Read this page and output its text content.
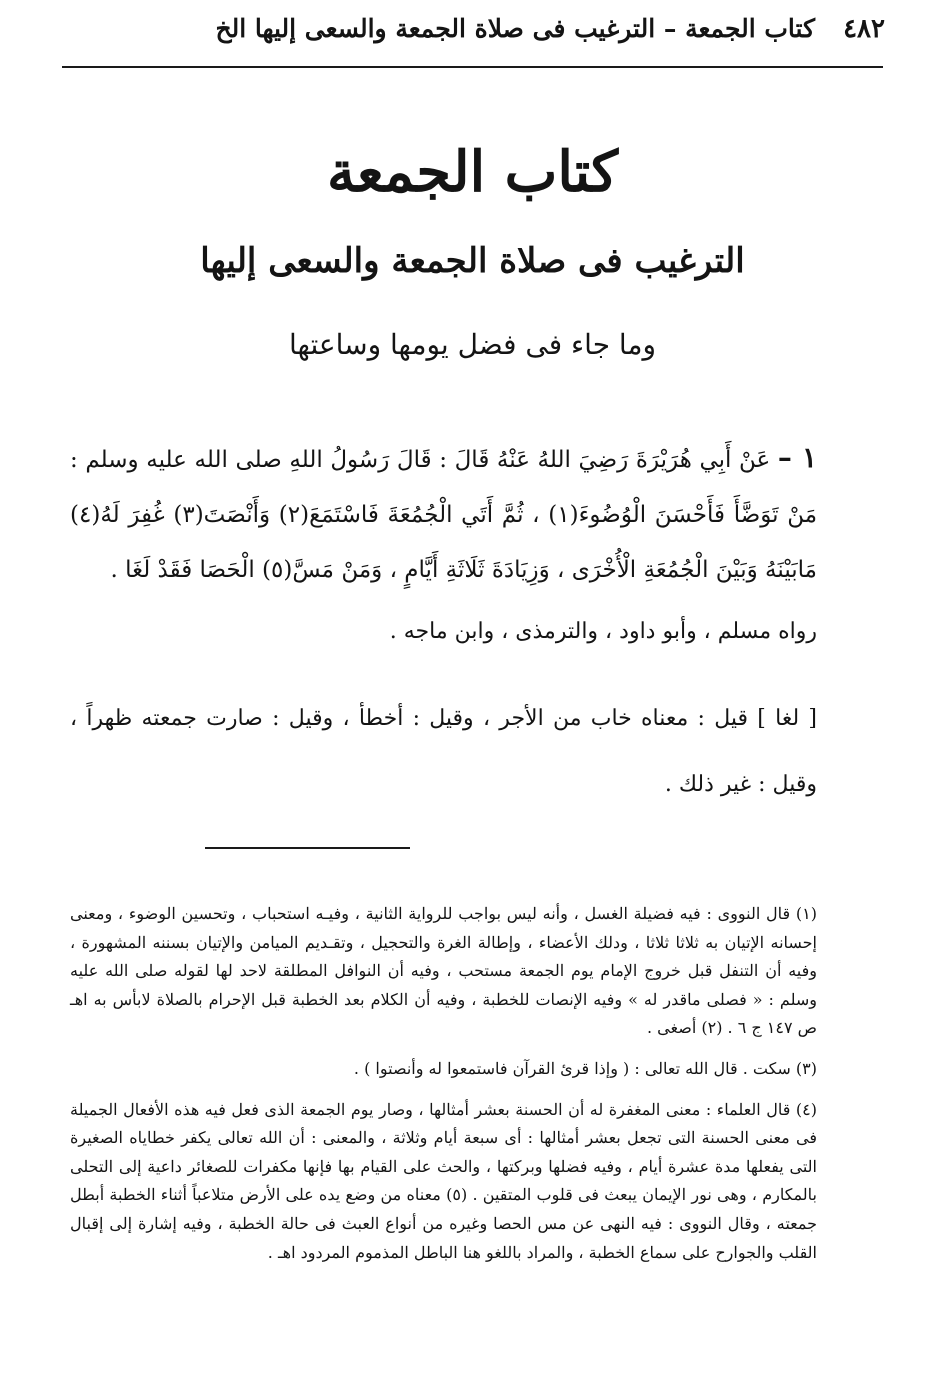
٤٨٢
كتاب الجمعة – الترغيب فى صلاة الجمعة والسعى إليها الخ
كتاب الجمعة
الترغيب فى صلاة الجمعة والسعى إليها
وما جاء فى فضل يومها وساعتها
١ – عَنْ أَبِي هُرَيْرَةَ رَضِيَ اللهُ عَنْهُ قَالَ : قَالَ رَسُولُ اللهِ صلى الله عليه وسلم : مَنْ تَوَضَّأَ فَأَحْسَنَ الْوُضُوءَ(١) ، ثُمَّ أَتَي الْجُمُعَةَ فَاسْتَمَعَ(٢) وَأَنْصَتَ(٣) غُفِرَ لَهُ(٤) مَابَيْنَهُ وَبَيْنَ الْجُمُعَةِ الْأُخْرَى ، وَزِيَادَةَ ثَلَاثَةِ أَيَّامٍ ، وَمَنْ مَسَّ(٥) الْحَصَا فَقَدْ لَغَا .
رواه مسلم ، وأبو داود ، والترمذى ، وابن ماجه .
[ لغا ] قيل : معناه خاب من الأجر ، وقيل : أخطأ ، وقيل : صارت جمعته ظهراً ، وقيل : غير ذلك .

(١) قال النووى : فيه فضيلة الغسل ، وأنه ليس بواجب للرواية الثانية ، وفيـه استحباب ، وتحسين الوضوء ، ومعنى إحسانه الإتيان به ثلاثا ثلاثا ، ودلك الأعضاء ، وإطالة الغرة والتحجيل ، وتقـديم الميامن والإتيان بسننه المشهورة ، وفيه أن التنفل قبل خروج الإمام يوم الجمعة مستحب ، وفيه أن النوافل المطلقة لاحد لها لقوله صلى الله عليه وسلم : « فصلى ماقدر له » وفيه الإنصات للخطبة ، وفيه أن الكلام بعد الخطبة قبل الإحرام بالصلاة لابأس به اهـ ص ١٤٧ ج ٦ . (٢) أصغى .

(٣) سكت . قال الله تعالى : ( وإذا قرئ القرآن فاستمعوا له وأنصتوا ) .

(٤) قال العلماء : معنى المغفرة له أن الحسنة بعشر أمثالها ، وصار يوم الجمعة الذى فعل فيه هذه الأفعال الجميلة فى معنى الحسنة التى تجعل بعشر أمثالها : أى سبعة أيام وثلاثة ، والمعنى : أن الله تعالى يكفر خطاياه الصغيرة التى يفعلها مدة عشرة أيام ، وفيه فضلها وبركتها ، والحث على القيام بها فإنها مكفرات للصغائر داعية إلى التحلى بالمكارم ، وهى نور الإيمان يبعث فى قلوب المتقين . (٥) معناه من وضع يده على الأرض متلاعباً أثناء الخطبة أبطل جمعته ، وقال النووى : فيه النهى عن مس الحصا وغيره من أنواع العبث فى حالة الخطبة ، وفيه إشارة إلى إقبال القلب والجوارح على سماع الخطبة ، والمراد باللغو هنا الباطل المذموم المردود اهـ .
